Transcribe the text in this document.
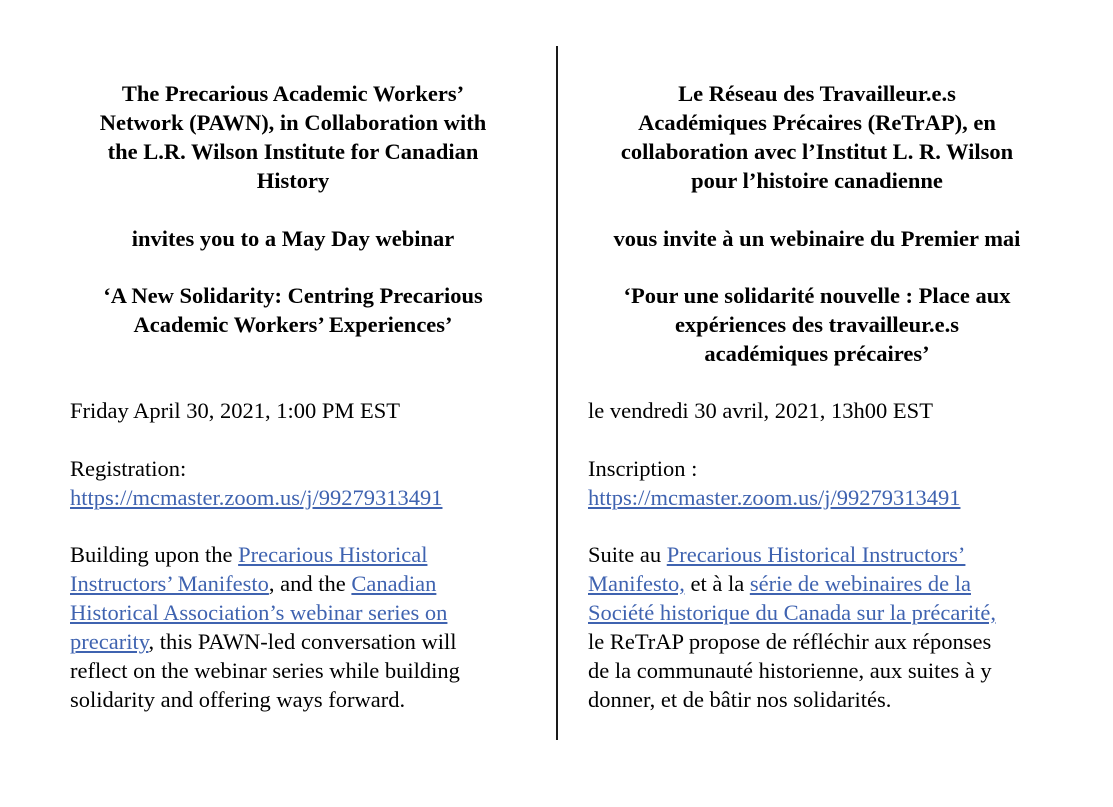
The Precarious Academic Workers’
Network (PAWN), in Collaboration with
the L.R. Wilson Institute for Canadian
History
invites you to a May Day webinar
‘A New Solidarity: Centring Precarious
Academic Workers’ Experiences’
Friday April 30, 2021, 1:00 PM EST
Registration:
https://mcmaster.zoom.us/j/99279313491
Building upon the Precarious Historical
Instructors’ Manifesto, and the Canadian
Historical Association’s webinar series on
precarity, this PAWN-led conversation will
reflect on the webinar series while building
solidarity and offering ways forward.
Le Réseau des Travailleur.e.s
Académiques Précaires (ReTrAP), en
collaboration avec l’Institut L. R. Wilson
pour l’histoire canadienne
vous invite à un webinaire du Premier mai
‘Pour une solidarité nouvelle : Place aux
expériences des travailleur.e.s
académiques précaires’
le vendredi 30 avril, 2021, 13h00 EST
Inscription :
https://mcmaster.zoom.us/j/99279313491
Suite au Precarious Historical Instructors’
Manifesto, et à la série de webinaires de la
Société historique du Canada sur la précarité,
le ReTrAP propose de réfléchir aux réponses
de la communauté historienne, aux suites à y
donner, et de bâtir nos solidarités.
